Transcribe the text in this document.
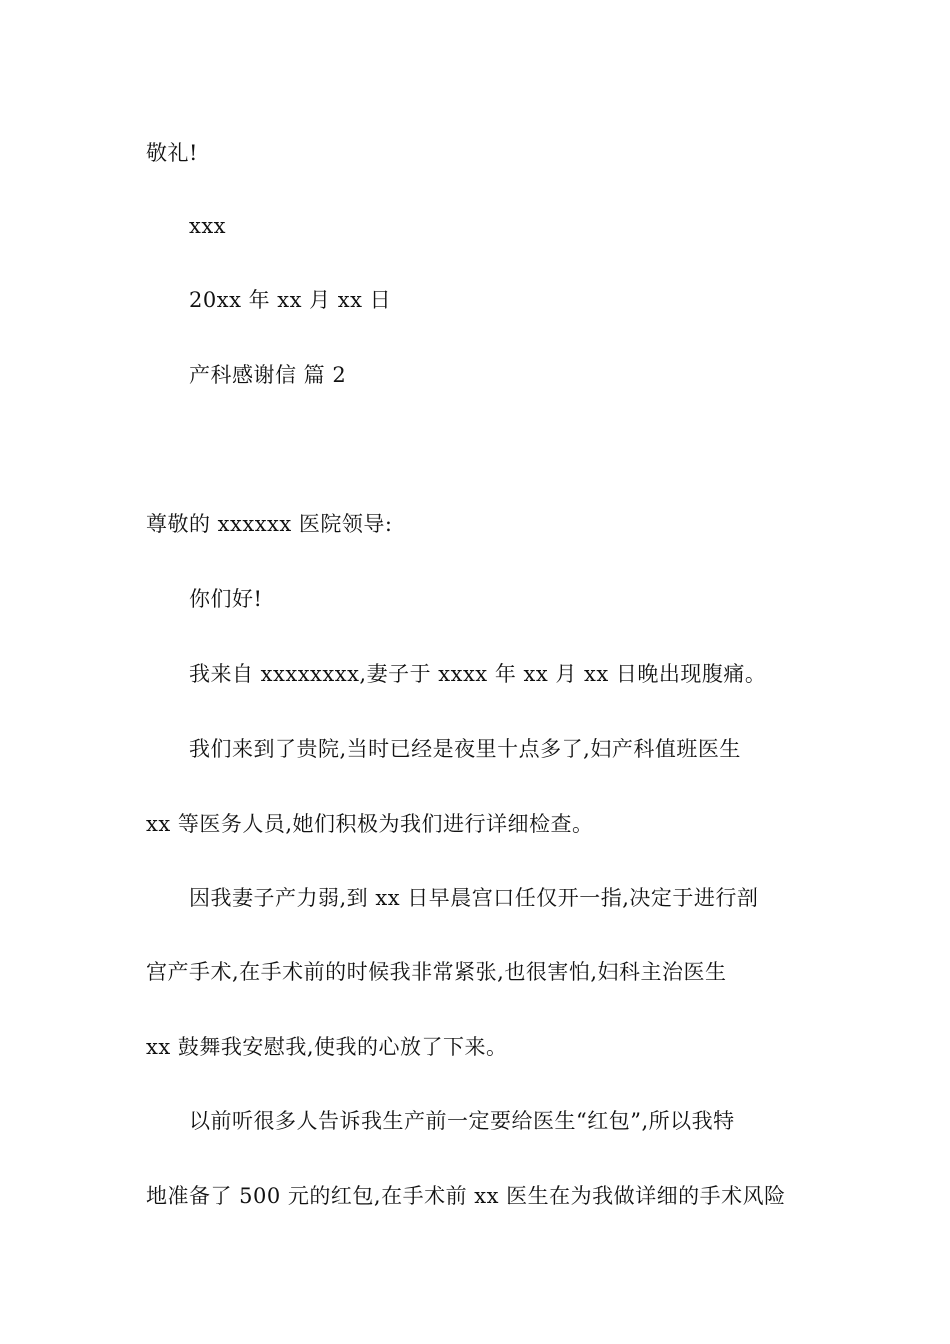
敬礼!
xxx
20xx 年 xx 月 xx 日
产科感谢信 篇 2
尊敬的 xxxxxx 医院领导:
你们好!
我来自 xxxxxxxx,妻子于 xxxx 年 xx 月 xx 日晚出现腹痛。
我们来到了贵院,当时已经是夜里十点多了,妇产科值班医生
xx 等医务人员,她们积极为我们进行详细检查。
因我妻子产力弱,到 xx 日早晨宫口任仅开一指,决定于进行剖
宫产手术,在手术前的时候我非常紧张,也很害怕,妇科主治医生
xx 鼓舞我安慰我,使我的心放了下来。
以前听很多人告诉我生产前一定要给医生“红包”,所以我特
地准备了 500 元的红包,在手术前 xx 医生在为我做详细的手术风险
